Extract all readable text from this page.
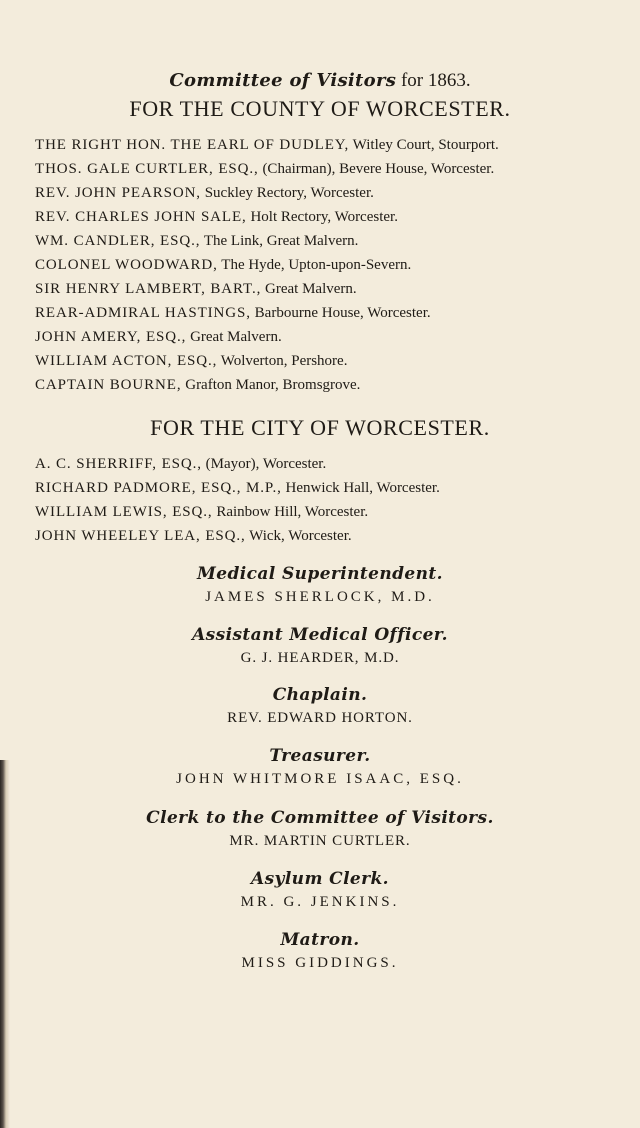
Committee of Visitors for 1863.
FOR THE COUNTY OF WORCESTER.
THE RIGHT HON. THE EARL OF DUDLEY, Witley Court, Stourport.
THOS. GALE CURTLER, ESQ., (Chairman), Bevere House, Worcester.
REV. JOHN PEARSON, Suckley Rectory, Worcester.
REV. CHARLES JOHN SALE, Holt Rectory, Worcester.
WM. CANDLER, ESQ., The Link, Great Malvern.
COLONEL WOODWARD, The Hyde, Upton-upon-Severn.
SIR HENRY LAMBERT, BART., Great Malvern.
REAR-ADMIRAL HASTINGS, Barbourne House, Worcester.
JOHN AMERY, ESQ., Great Malvern.
WILLIAM ACTON, ESQ., Wolverton, Pershore.
CAPTAIN BOURNE, Grafton Manor, Bromsgrove.
FOR THE CITY OF WORCESTER.
A. C. SHERRIFF, ESQ., (Mayor), Worcester.
RICHARD PADMORE, ESQ., M.P., Henwick Hall, Worcester.
WILLIAM LEWIS, ESQ., Rainbow Hill, Worcester.
JOHN WHEELEY LEA, ESQ., Wick, Worcester.
Medical Superintendent.
JAMES SHERLOCK, M.D.
Assistant Medical Officer.
G. J. HEARDER, M.D.
Chaplain.
REV. EDWARD HORTON.
Treasurer.
JOHN WHITMORE ISAAC, ESQ.
Clerk to the Committee of Visitors.
MR. MARTIN CURTLER.
Asylum Clerk.
MR. G. JENKINS.
Matron.
MISS GIDDINGS.
